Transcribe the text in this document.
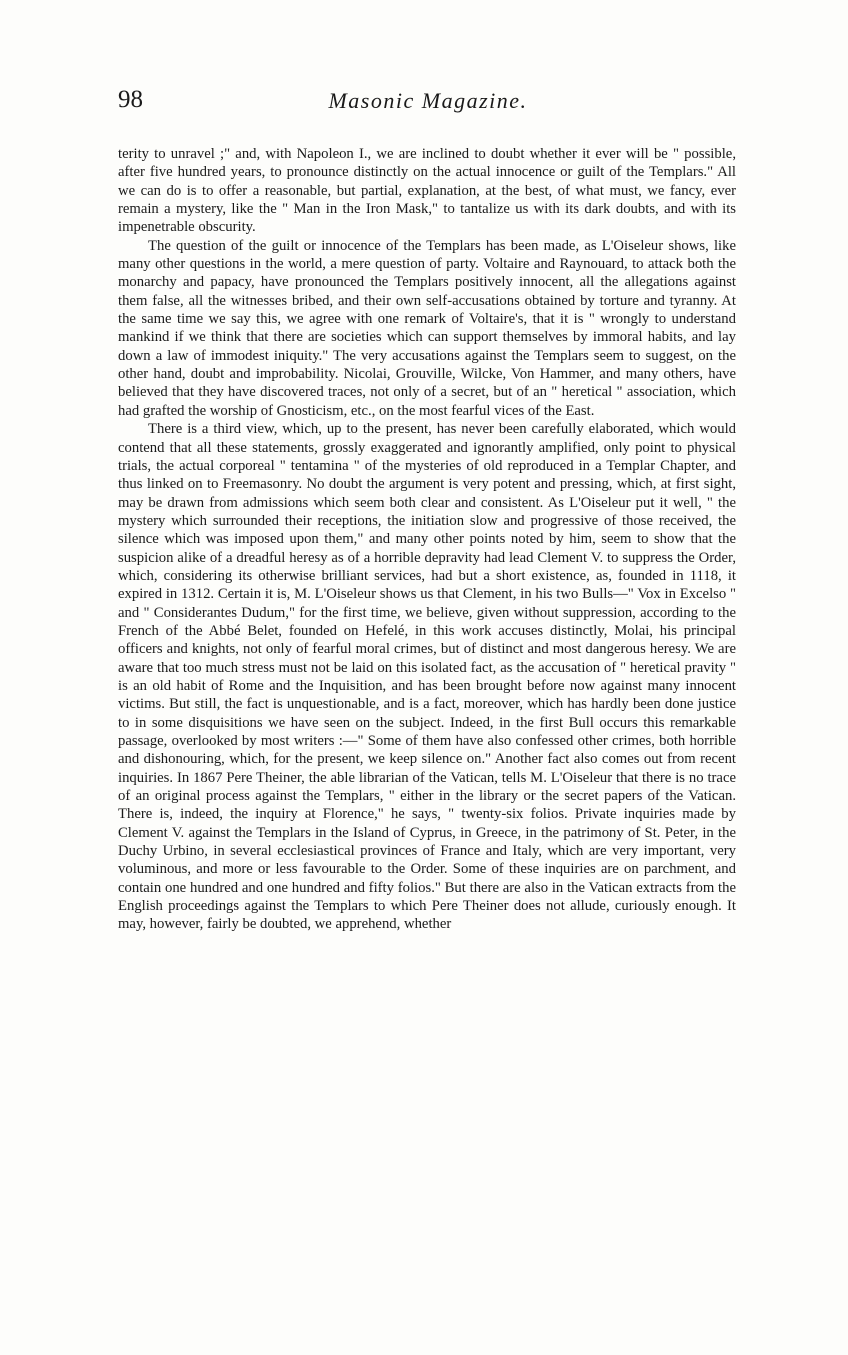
98	Masonic Magazine.

terity to unravel ;" and, with Napoleon I., we are inclined to doubt whether it ever will be " possible, after five hundred years, to pronounce distinctly on the actual innocence or guilt of the Templars." All we can do is to offer a reasonable, but partial, explanation, at the best, of what must, we fancy, ever remain a mystery, like the " Man in the Iron Mask," to tantalize us with its dark doubts, and with its impenetrable obscurity.

The question of the guilt or innocence of the Templars has been made, as L'Oiseleur shows, like many other questions in the world, a mere question of party. Voltaire and Raynouard, to attack both the monarchy and papacy, have pronounced the Templars positively innocent, all the allegations against them false, all the witnesses bribed, and their own self-accusations obtained by torture and tyranny. At the same time we say this, we agree with one remark of Voltaire's, that it is " wrongly to understand mankind if we think that there are societies which can support themselves by immoral habits, and lay down a law of immodest iniquity." The very accusations against the Templars seem to suggest, on the other hand, doubt and improbability. Nicolai, Grouville, Wilcke, Von Hammer, and many others, have believed that they have discovered traces, not only of a secret, but of an " heretical " association, which had grafted the worship of Gnosticism, etc., on the most fearful vices of the East.

There is a third view, which, up to the present, has never been carefully elaborated, which would contend that all these statements, grossly exaggerated and ignorantly amplified, only point to physical trials, the actual corporeal " tentamina " of the mysteries of old reproduced in a Templar Chapter, and thus linked on to Freemasonry. No doubt the argument is very potent and pressing, which, at first sight, may be drawn from admissions which seem both clear and consistent. As L'Oiseleur put it well, " the mystery which surrounded their receptions, the initiation slow and progressive of those received, the silence which was imposed upon them," and many other points noted by him, seem to show that the suspicion alike of a dreadful heresy as of a horrible depravity had lead Clement V. to suppress the Order, which, considering its otherwise brilliant services, had but a short existence, as, founded in 1118, it expired in 1312. Certain it is, M. L'Oiseleur shows us that Clement, in his two Bulls—" Vox in Excelso " and " Considerantes Dudum," for the first time, we believe, given without suppression, according to the French of the Abbé Belet, founded on Hefelé, in this work accuses distinctly, Molai, his principal officers and knights, not only of fearful moral crimes, but of distinct and most dangerous heresy. We are aware that too much stress must not be laid on this isolated fact, as the accusation of " heretical pravity " is an old habit of Rome and the Inquisition, and has been brought before now against many innocent victims. But still, the fact is unquestionable, and is a fact, moreover, which has hardly been done justice to in some disquisitions we have seen on the subject. Indeed, in the first Bull occurs this remarkable passage, overlooked by most writers :—" Some of them have also confessed other crimes, both horrible and dishonouring, which, for the present, we keep silence on." Another fact also comes out from recent inquiries. In 1867 Pere Theiner, the able librarian of the Vatican, tells M. L'Oiseleur that there is no trace of an original process against the Templars, " either in the library or the secret papers of the Vatican. There is, indeed, the inquiry at Florence," he says, " twenty-six folios. Private inquiries made by Clement V. against the Templars in the Island of Cyprus, in Greece, in the patrimony of St. Peter, in the Duchy Urbino, in several ecclesiastical provinces of France and Italy, which are very important, very voluminous, and more or less favourable to the Order. Some of these inquiries are on parchment, and contain one hundred and one hundred and fifty folios." But there are also in the Vatican extracts from the English proceedings against the Templars to which Pere Theiner does not allude, curiously enough. It may, however, fairly be doubted, we apprehend, whether
